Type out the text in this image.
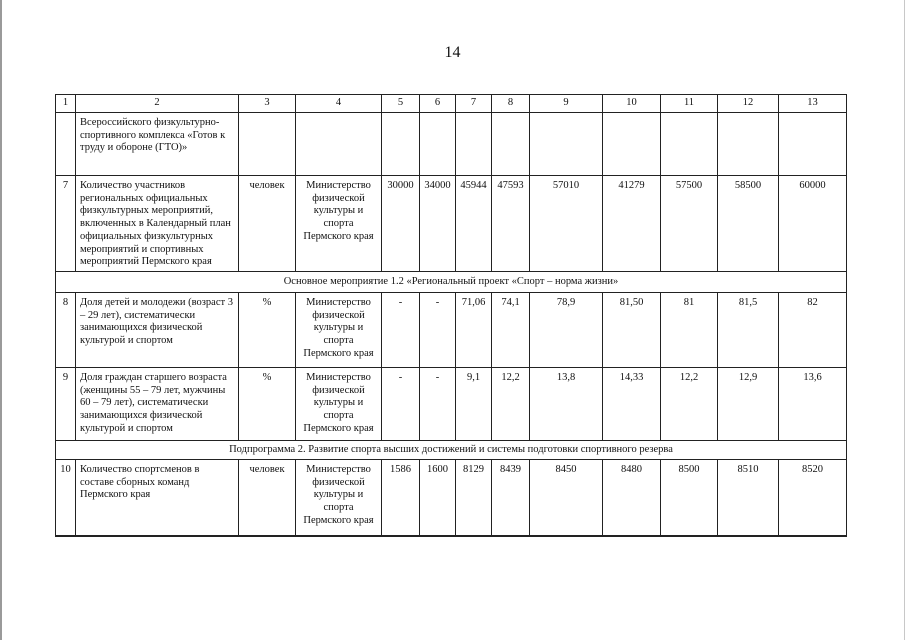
14
1	2	3	4	5	6	7	8	9	10	11	12	13
	Всероссийского физкультурно-спортивного комплекса «Готов к труду и обороне (ГТО)»											
7	Количество участников региональных официальных физкультурных мероприятий, включенных в Календарный план официальных физкультурных мероприятий и спортивных мероприятий Пермского края	человек	Министерство физической культуры и спорта Пермского края	30000	34000	45944	47593	57010	41279	57500	58500	60000
Основное мероприятие 1.2 «Региональный проект «Спорт – норма жизни»												
8	Доля детей и молодежи (возраст 3 – 29 лет), систематически занимающихся физической культурой и спортом	%	Министерство физической культуры и спорта Пермского края	-	-	71,06	74,1	78,9	81,50	81	81,5	82
9	Доля граждан старшего возраста (женщины 55 – 79 лет, мужчины 60 – 79 лет), систематически занимающихся физической культурой и спортом	%	Министерство физической культуры и спорта Пермского края	-	-	9,1	12,2	13,8	14,33	12,2	12,9	13,6
Подпрограмма 2. Развитие спорта высших достижений и системы подготовки спортивного резерва												
10	Количество спортсменов в составе сборных команд Пермского края	человек	Министерство физической культуры и спорта Пермского края	1586	1600	8129	8439	8450	8480	8500	8510	8520
